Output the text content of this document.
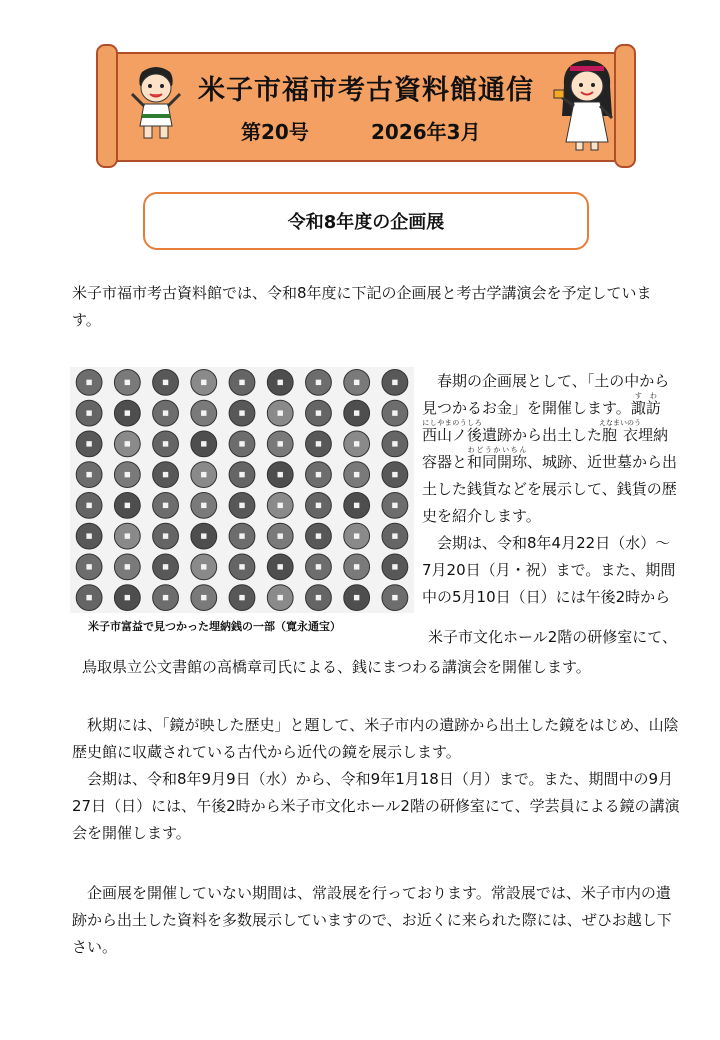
米子市福市考古資料館通信
第20号	2026年3月
令和8年度の企画展
米子市福市考古資料館では、令和8年度に下記の企画展と考古学講演会を予定しています。
米子市富益で見つかった埋納銭の一部（寛永通宝）
　春期の企画展として、「土の中から見つかるお金」を開催します。諏訪すわ西山ノ後にしやまのうしろ遺跡から出土した胞衣えなまいのう埋納容器と和同開珎わどうかいちん、城跡、近世墓から出土した銭貨などを展示して、銭貨の歴史を紹介します。
　会期は、令和8年4月22日（水）〜7月20日（月・祝）まで。また、期間中の5月10日（日）には午後2時から
米子市文化ホール2階の研修室にて、
鳥取県立公文書館の高橋章司氏による、銭にまつわる講演会を開催します。
　秋期には、「鏡が映した歴史」と題して、米子市内の遺跡から出土した鏡をはじめ、山陰歴史館に収蔵されている古代から近代の鏡を展示します。
　会期は、令和8年9月9日（水）から、令和9年1月18日（月）まで。また、期間中の9月27日（日）には、午後2時から米子市文化ホール2階の研修室にて、学芸員による鏡の講演会を開催します。
　企画展を開催していない期間は、常設展を行っております。常設展では、米子市内の遺跡から出土した資料を多数展示していますので、お近くに来られた際には、ぜひお越し下さい。
